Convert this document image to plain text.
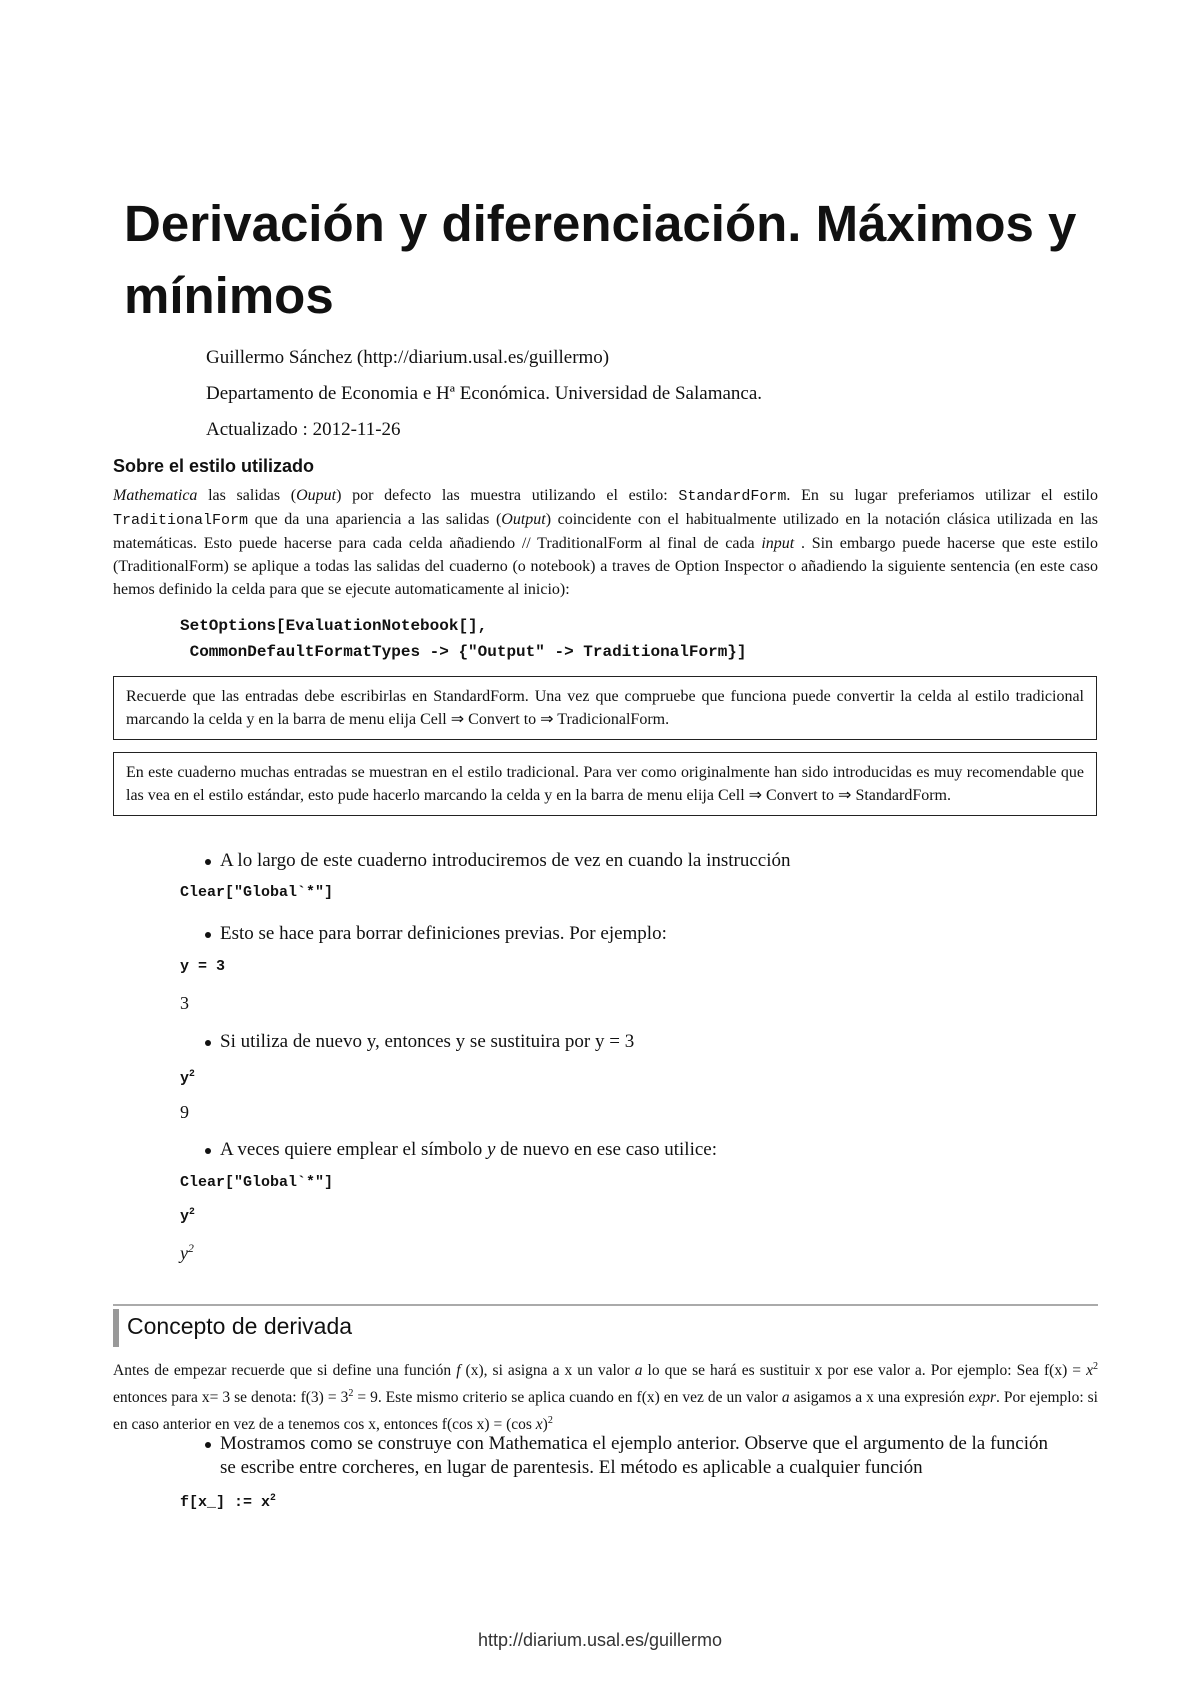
Derivación y diferenciación. Máximos y mínimos
Guillermo Sánchez (http://diarium.usal.es/guillermo)
Departamento de Economia e Hª Económica. Universidad de Salamanca.
Actualizado : 2012-11-26
Sobre el estilo utilizado
Mathematica las salidas (Ouput) por defecto las muestra utilizando el estilo: StandardForm. En su lugar preferiamos utilizar el estilo TraditionalForm que da una apariencia a las salidas (Output) coincidente con el habitualmente utilizado en la notación clásica utilizada en las matemáticas. Esto puede hacerse para cada celda añadiendo // TraditionalForm al final de cada input . Sin embargo puede hacerse que este estilo (TraditionalForm) se aplique a todas las salidas del cuaderno (o notebook) a traves de Option Inspector o añadiendo la siguiente sentencia (en este caso hemos definido la celda para que se ejecute automaticamente al inicio):
SetOptions[EvaluationNotebook[],
CommonDefaultFormatTypes -> {"Output" -> TraditionalForm}]
Recuerde que las entradas debe escribirlas en StandardForm. Una vez que compruebe que funciona puede convertir la celda al estilo tradicional marcando la celda y en la barra de menu elija Cell ⇒ Convert to ⇒ TradicionalForm.
En este cuaderno muchas entradas se muestran en el estilo tradicional. Para ver como originalmente han sido introducidas es muy recomendable que las vea en el estilo estándar, esto pude hacerlo marcando la celda y en la barra de menu elija Cell ⇒ Convert to ⇒ StandardForm.
A lo largo de este cuaderno introduciremos de vez en cuando la instrucción
Clear["Global`*"]
Esto se hace para borrar definiciones previas. Por ejemplo:
y = 3
3
Si utiliza de nuevo y, entonces y se sustituira por y = 3
$y^2$
9
A veces quiere emplear el símbolo y de nuevo en ese caso utilice:
Clear["Global`*"]
$y^2$
$y^2$
Concepto de derivada
Antes de empezar recuerde que si define una función f (x), si asigna a x un valor a lo que se hará es sustituir x por ese valor a. Por ejemplo: Sea $f(x) = x^2$ entonces para x= 3 se denota: $f(3) = 3^2 = 9$. Este mismo criterio se aplica cuando en f(x) en vez de un valor a asigamos a x una expresión expr. Por ejemplo: si en caso anterior en vez de a tenemos cos x, entonces f(cos x) = (cos x)$^2$
Mostramos como se construye con Mathematica el ejemplo anterior. Observe que el argumento de la función se escribe entre corcheres, en lugar de parentesis. El método es aplicable a cualquier función
f[x_] := $x^2$
http://diarium.usal.es/guillermo
